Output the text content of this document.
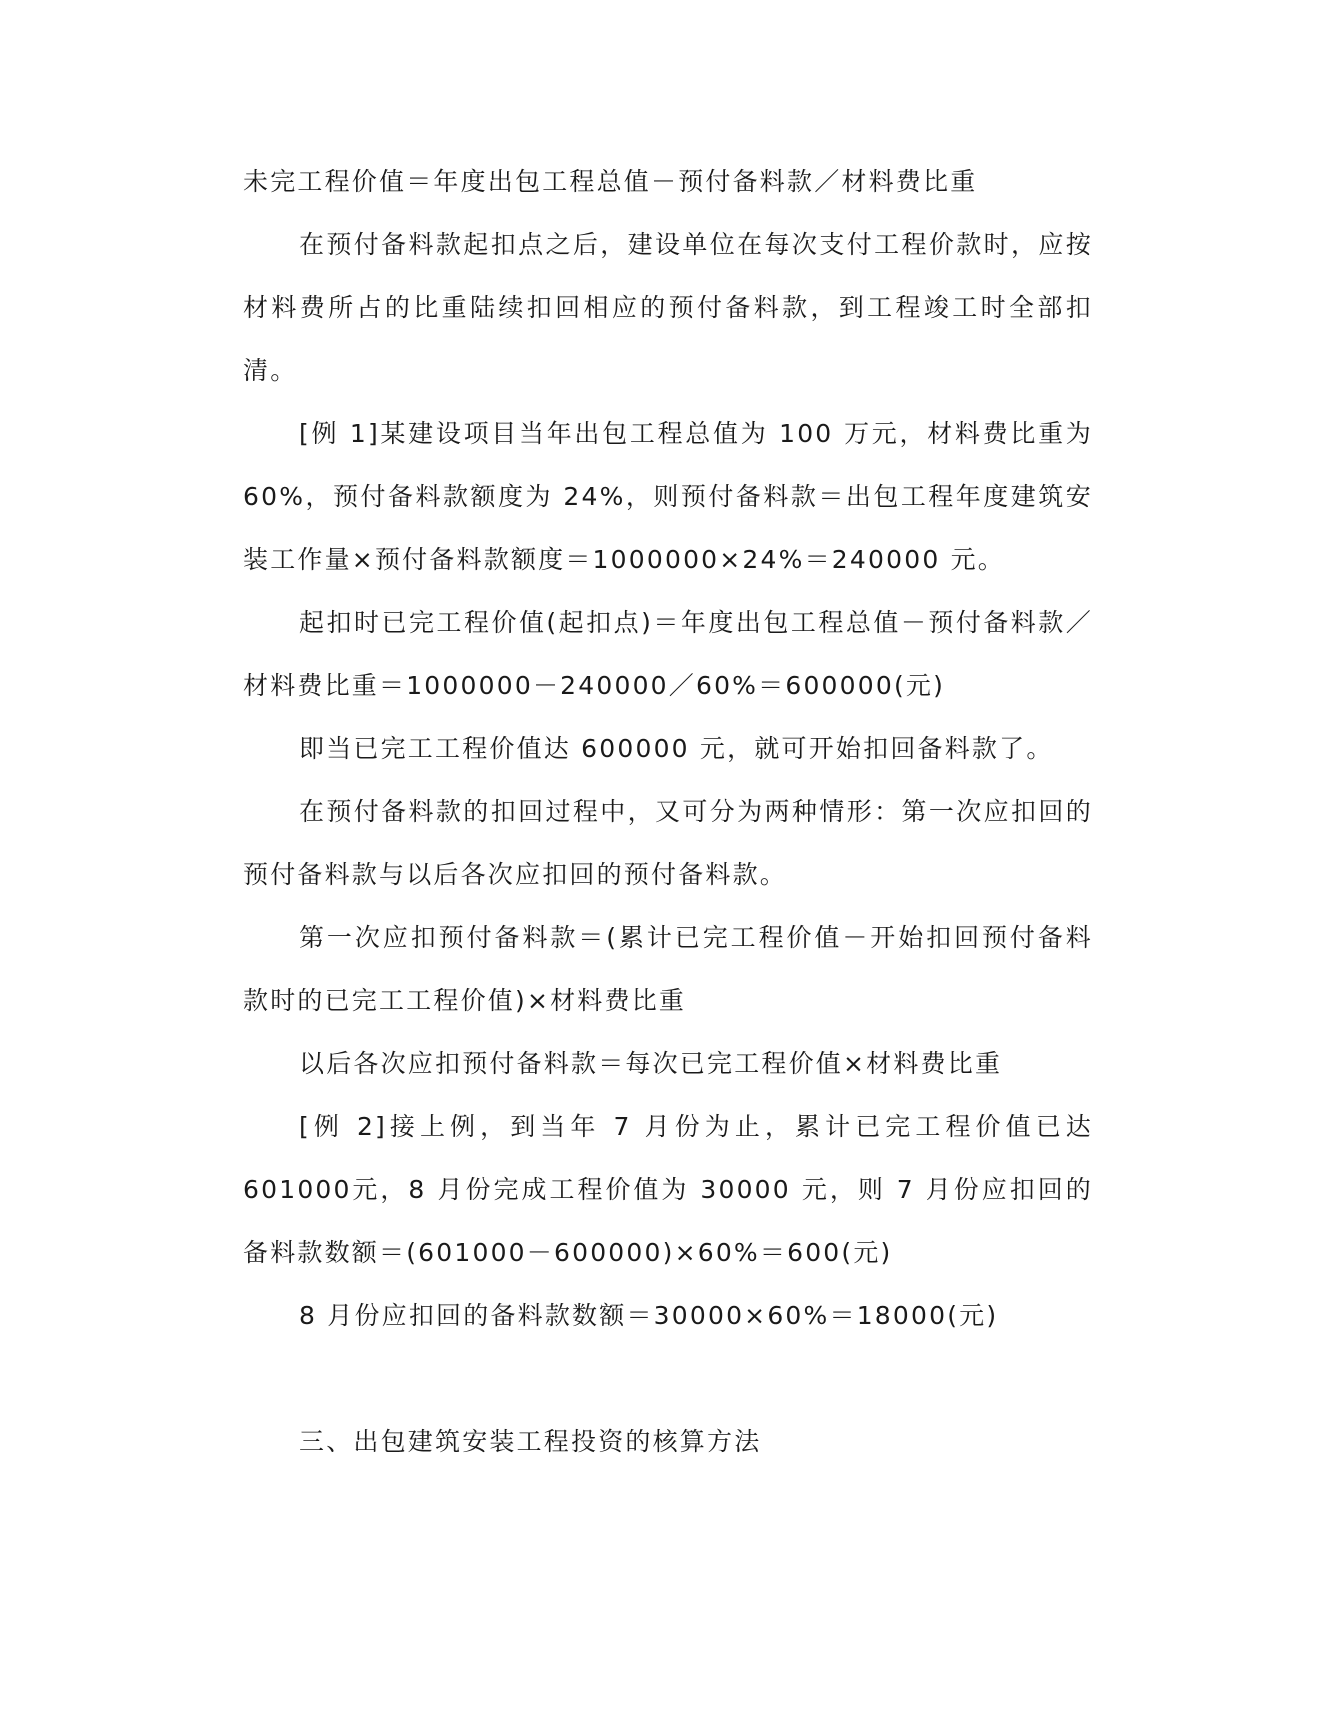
未完工程价值＝年度出包工程总值－预付备料款／材料费比重

在预付备料款起扣点之后，建设单位在每次支付工程价款时，应按材料费所占的比重陆续扣回相应的预付备料款，到工程竣工时全部扣清。

[例 1]某建设项目当年出包工程总值为 100 万元，材料费比重为60%，预付备料款额度为 24%，则预付备料款＝出包工程年度建筑安装工作量×预付备料款额度＝1000000×24%＝240000 元。

起扣时已完工程价值(起扣点)＝年度出包工程总值－预付备料款／材料费比重＝1000000－240000／60%＝600000(元)

即当已完工工程价值达 600000 元，就可开始扣回备料款了。

在预付备料款的扣回过程中，又可分为两种情形：第一次应扣回的预付备料款与以后各次应扣回的预付备料款。

第一次应扣预付备料款＝(累计已完工程价值－开始扣回预付备料款时的已完工工程价值)×材料费比重

以后各次应扣预付备料款＝每次已完工程价值×材料费比重

[例 2]接上例，到当年 7 月份为止，累计已完工程价值已达 601000元，8 月份完成工程价值为 30000 元，则 7 月份应扣回的备料款数额＝(601000－600000)×60%＝600(元)

8 月份应扣回的备料款数额＝30000×60%＝18000(元)

三、出包建筑安装工程投资的核算方法
